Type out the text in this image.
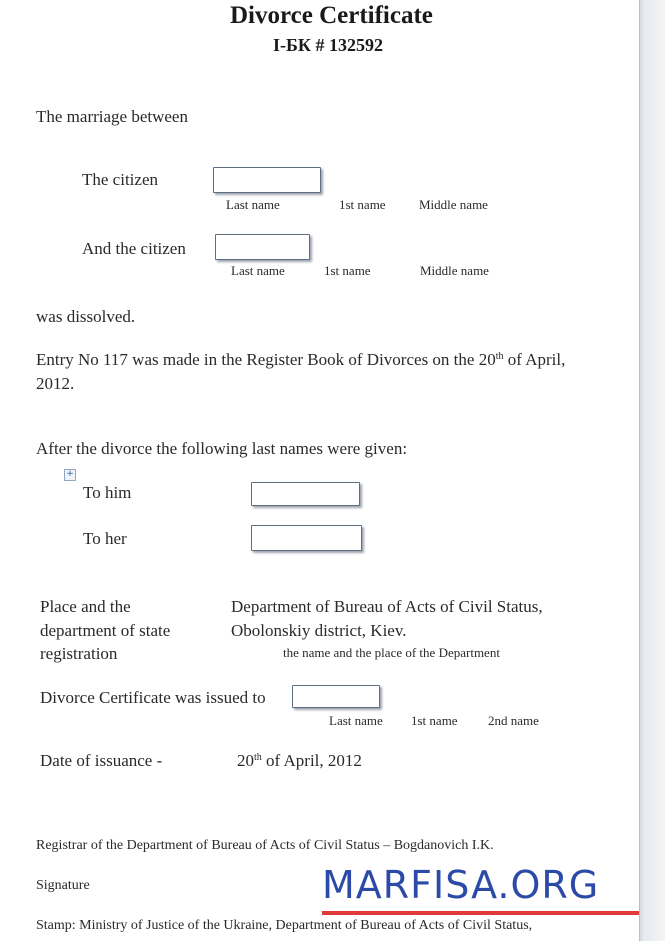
Divorce Certificate
I-БК # 132592
The marriage between
The citizen
Last name	1st name	Middle name
And the citizen
Last name	1st name	Middle name
was dissolved.
Entry No 117 was made in the Register Book of Divorces on the 20th of April,
2012.
After the divorce the following last names were given:
+
To him
To her
Place and the
department of state
registration
Department of Bureau of Acts of Civil Status,
Obolonskiy district, Kiev.
the name and the place of the Department
Divorce Certificate was issued to
Last name 1st name 2nd name
Date of issuance -	20th of April, 2012
Registrar of the Department of Bureau of Acts of Civil Status – Bogdanovich I.K.
Signature
Stamp: Ministry of Justice of the Ukraine, Department of Bureau of Acts of Civil Status,
MARFISA.ORG
